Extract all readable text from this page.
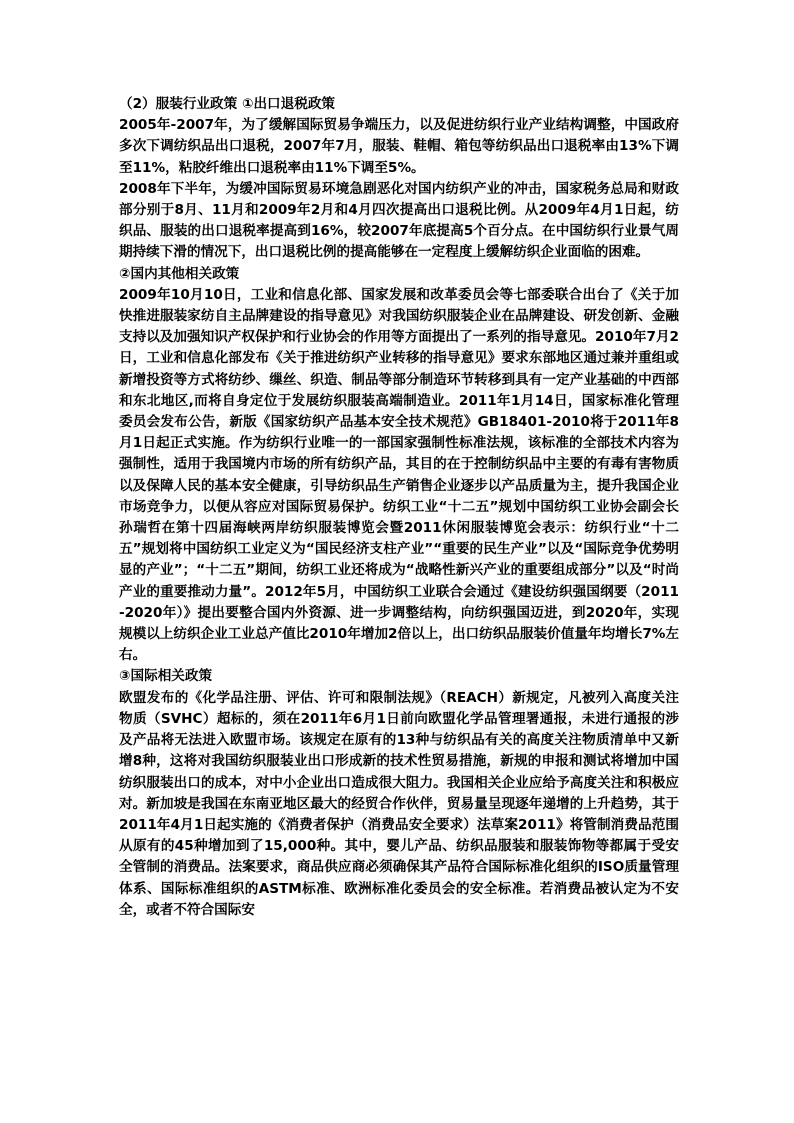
（2）服装行业政策 ①出口退税政策

2005年-2007年，为了缓解国际贸易争端压力，以及促进纺织行业产业结构调整，中国政府多次下调纺织品出口退税，2007年7月，服装、鞋帽、箱包等纺织品出口退税率由13%下调至11%，粘胶纤维出口退税率由11%下调至5%。

2008年下半年，为缓冲国际贸易环境急剧恶化对国内纺织产业的冲击，国家税务总局和财政部分别于8月、11月和2009年2月和4月四次提高出口退税比例。从2009年4月1日起，纺织品、服装的出口退税率提高到16%，较2007年底提高5个百分点。在中国纺织行业景气周期持续下滑的情况下，出口退税比例的提高能够在一定程度上缓解纺织企业面临的困难。

②国内其他相关政策

2009年10月10日，工业和信息化部、国家发展和改革委员会等七部委联合出台了《关于加快推进服装家纺自主品牌建设的指导意见》对我国纺织服装企业在品牌建设、研发创新、金融支持以及加强知识产权保护和行业协会的作用等方面提出了一系列的指导意见。2010年7月2日，工业和信息化部发布《关于推进纺织产业转移的指导意见》要求东部地区通过兼并重组或新增投资等方式将纺纱、缫丝、织造、制品等部分制造环节转移到具有一定产业基础的中西部和东北地区,而将自身定位于发展纺织服装高端制造业。2011年1月14日，国家标准化管理委员会发布公告，新版《国家纺织产品基本安全技术规范》GB18401-2010将于2011年8月1日起正式实施。作为纺织行业唯一的一部国家强制性标准法规，该标准的全部技术内容为强制性，适用于我国境内市场的所有纺织产品，其目的在于控制纺织品中主要的有毒有害物质以及保障人民的基本安全健康，引导纺织品生产销售企业逐步以产品质量为主，提升我国企业市场竞争力，以便从容应对国际贸易保护。纺织工业“十二五”规划中国纺织工业协会副会长孙瑞哲在第十四届海峡两岸纺织服装博览会暨2011休闲服装博览会表示：纺织行业“十二五”规划将中国纺织工业定义为“国民经济支柱产业”“重要的民生产业”以及“国际竞争优势明显的产业”；“十二五”期间，纺织工业还将成为“战略性新兴产业的重要组成部分”以及“时尚产业的重要推动力量”。2012年5月，中国纺织工业联合会通过《建设纺织强国纲要（2011-2020年）》提出要整合国内外资源、进一步调整结构，向纺织强国迈进，到2020年，实现规模以上纺织企业工业总产值比2010年增加2倍以上，出口纺织品服装价值量年均增长7%左右。

③国际相关政策

欧盟发布的《化学品注册、评估、许可和限制法规》（REACH）新规定，凡被列入高度关注物质（SVHC）超标的，须在2011年6月1日前向欧盟化学品管理署通报，未进行通报的涉及产品将无法进入欧盟市场。该规定在原有的13种与纺织品有关的高度关注物质清单中又新增8种，这将对我国纺织服装业出口形成新的技术性贸易措施，新规的申报和测试将增加中国纺织服装出口的成本，对中小企业出口造成很大阻力。我国相关企业应给予高度关注和积极应对。新加坡是我国在东南亚地区最大的经贸合作伙伴，贸易量呈现逐年递增的上升趋势，其于2011年4月1日起实施的《消费者保护（消费品安全要求）法草案2011》将管制消费品范围从原有的45种增加到了15,000种。其中，婴儿产品、纺织品服装和服装饰物等都属于受安全管制的消费品。法案要求，商品供应商必须确保其产品符合国际标准化组织的ISO质量管理体系、国际标准组织的ASTM标准、欧洲标准化委员会的安全标准。若消费品被认定为不安全，或者不符合国际安
